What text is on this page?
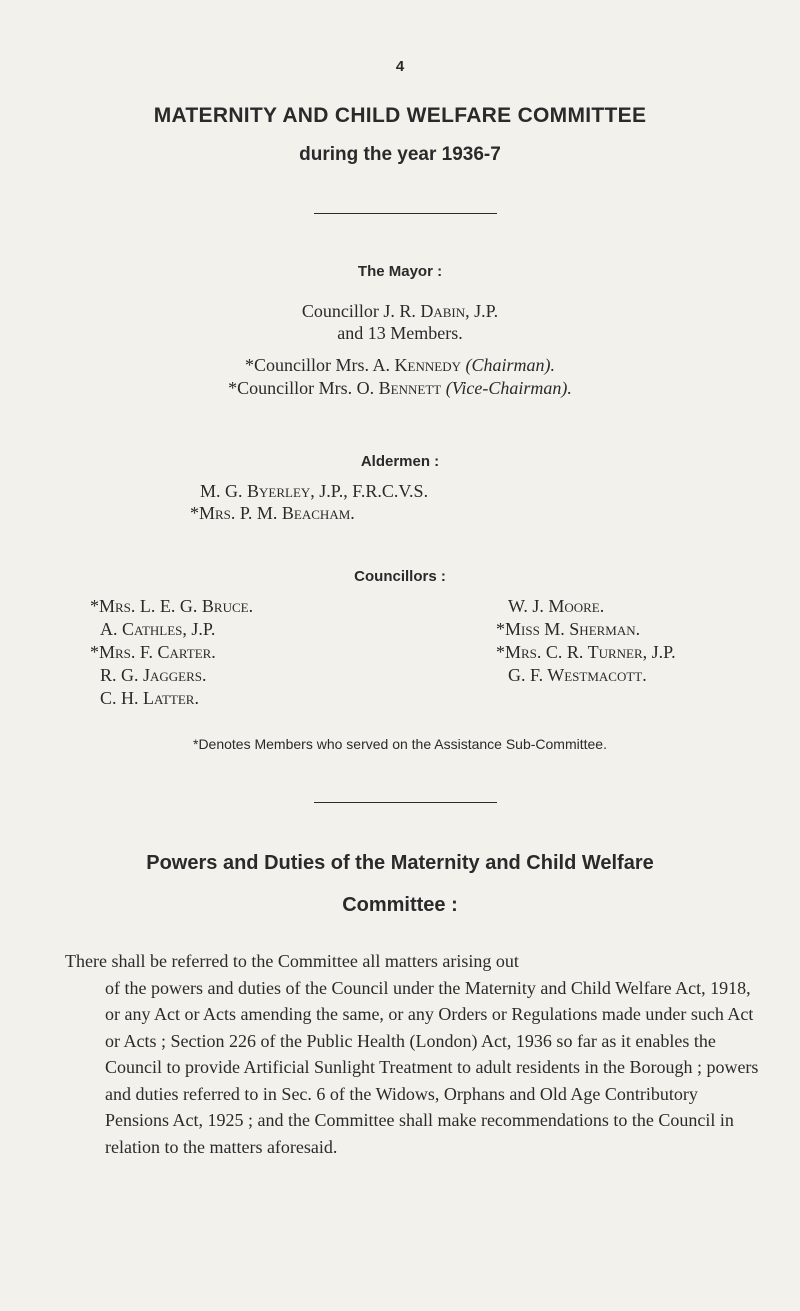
4
MATERNITY AND CHILD WELFARE COMMITTEE
during the year 1936-7
The Mayor :
Councillor J. R. Dabin, J.P.
and 13 Members.
*Councillor Mrs. A. Kennedy (Chairman).
*Councillor Mrs. O. Bennett (Vice-Chairman).
Aldermen :
M. G. Byerley, J.P., F.R.C.V.S.
*Mrs. P. M. Beacham.
Councillors :
*Mrs. L. E. G. Bruce.
A. Cathles, J.P.
*Mrs. F. Carter.
R. G. Jaggers.
C. H. Latter.
W. J. Moore.
*Miss M. Sherman.
*Mrs. C. R. Turner, J.P.
G. F. Westmacott.
*Denotes Members who served on the Assistance Sub-Committee.
Powers and Duties of the Maternity and Child Welfare
Committee :
There shall be referred to the Committee all matters arising out
of the powers and duties of the Council under the Maternity and Child Welfare Act, 1918, or any Act or Acts amending the same, or any Orders or Regulations made under such Act or Acts ; Section 226 of the Public Health (London) Act, 1936 so far as it enables the Council to provide Artificial Sunlight Treatment to adult residents in the Borough ; powers and duties referred to in Sec. 6 of the Widows, Orphans and Old Age Contributory Pensions Act, 1925 ; and the Committee shall make recommendations to the Council in relation to the matters aforesaid.
